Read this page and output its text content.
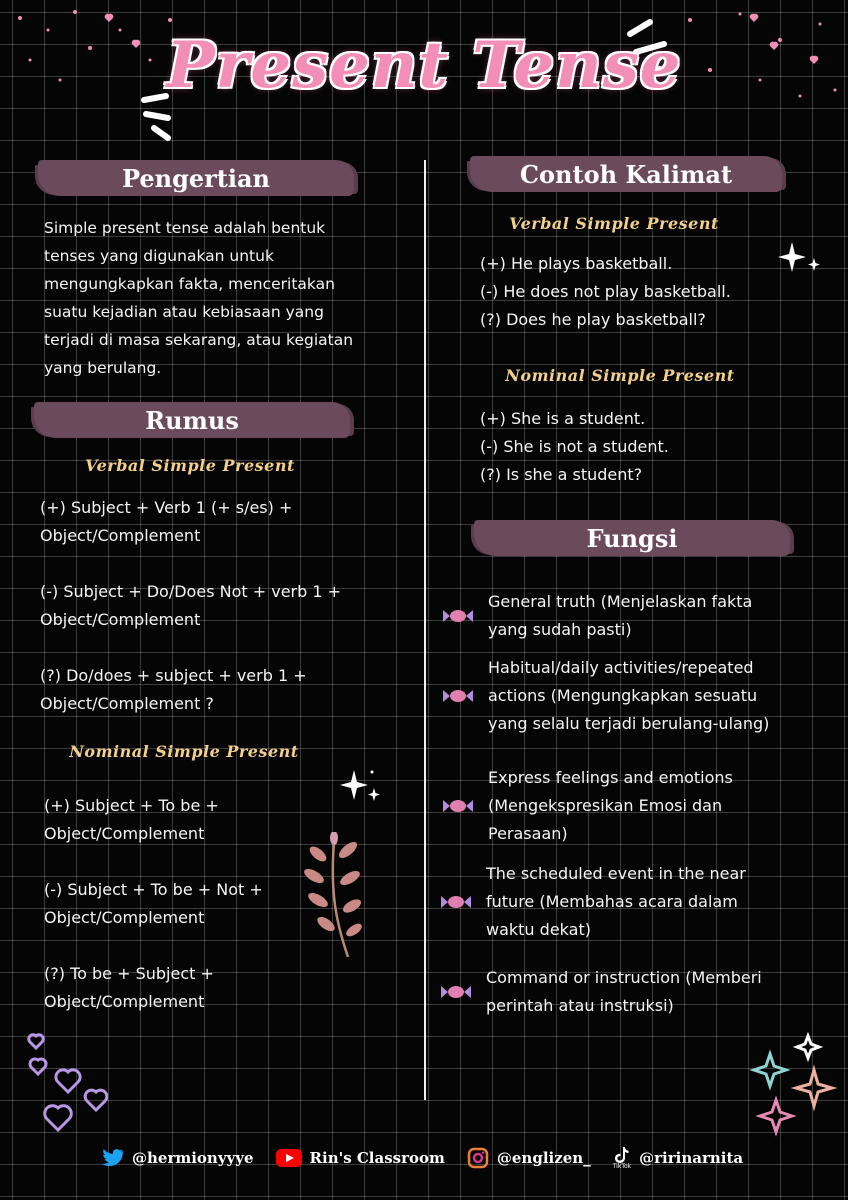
Present Tense
Pengertian
Simple present tense adalah bentuk
tenses yang digunakan untuk
mengungkapkan fakta, menceritakan
suatu kejadian atau kebiasaan yang
terjadi di masa sekarang, atau kegiatan
yang berulang.
Rumus
Verbal Simple Present
(+) Subject + Verb 1 (+ s/es) +
Object/Complement
(-) Subject + Do/Does Not + verb 1 +
Object/Complement
(?) Do/does + subject + verb 1 +
Object/Complement ?
Nominal Simple Present
(+) Subject + To be +
Object/Complement
(-) Subject + To be + Not +
Object/Complement
(?) To be + Subject +
Object/Complement
Contoh Kalimat
Verbal Simple Present
(+) He plays basketball.
(-) He does not play basketball.
(?) Does he play basketball?
Nominal Simple Present
(+) She is a student.
(-) She is not a student.
(?) Is she a student?
Fungsi
General truth (Menjelaskan fakta
yang sudah pasti)
Habitual/daily activities/repeated
actions (Mengungkapkan sesuatu
yang selalu terjadi berulang-ulang)
Express feelings and emotions
(Mengekspresikan Emosi dan
Perasaan)
The scheduled event in the near
future (Membahas acara dalam
waktu dekat)
Command or instruction (Memberi
perintah atau instruksi)
@hermionyyye	Rin's Classroom	@englizen_	TikTok @ririnarnita
